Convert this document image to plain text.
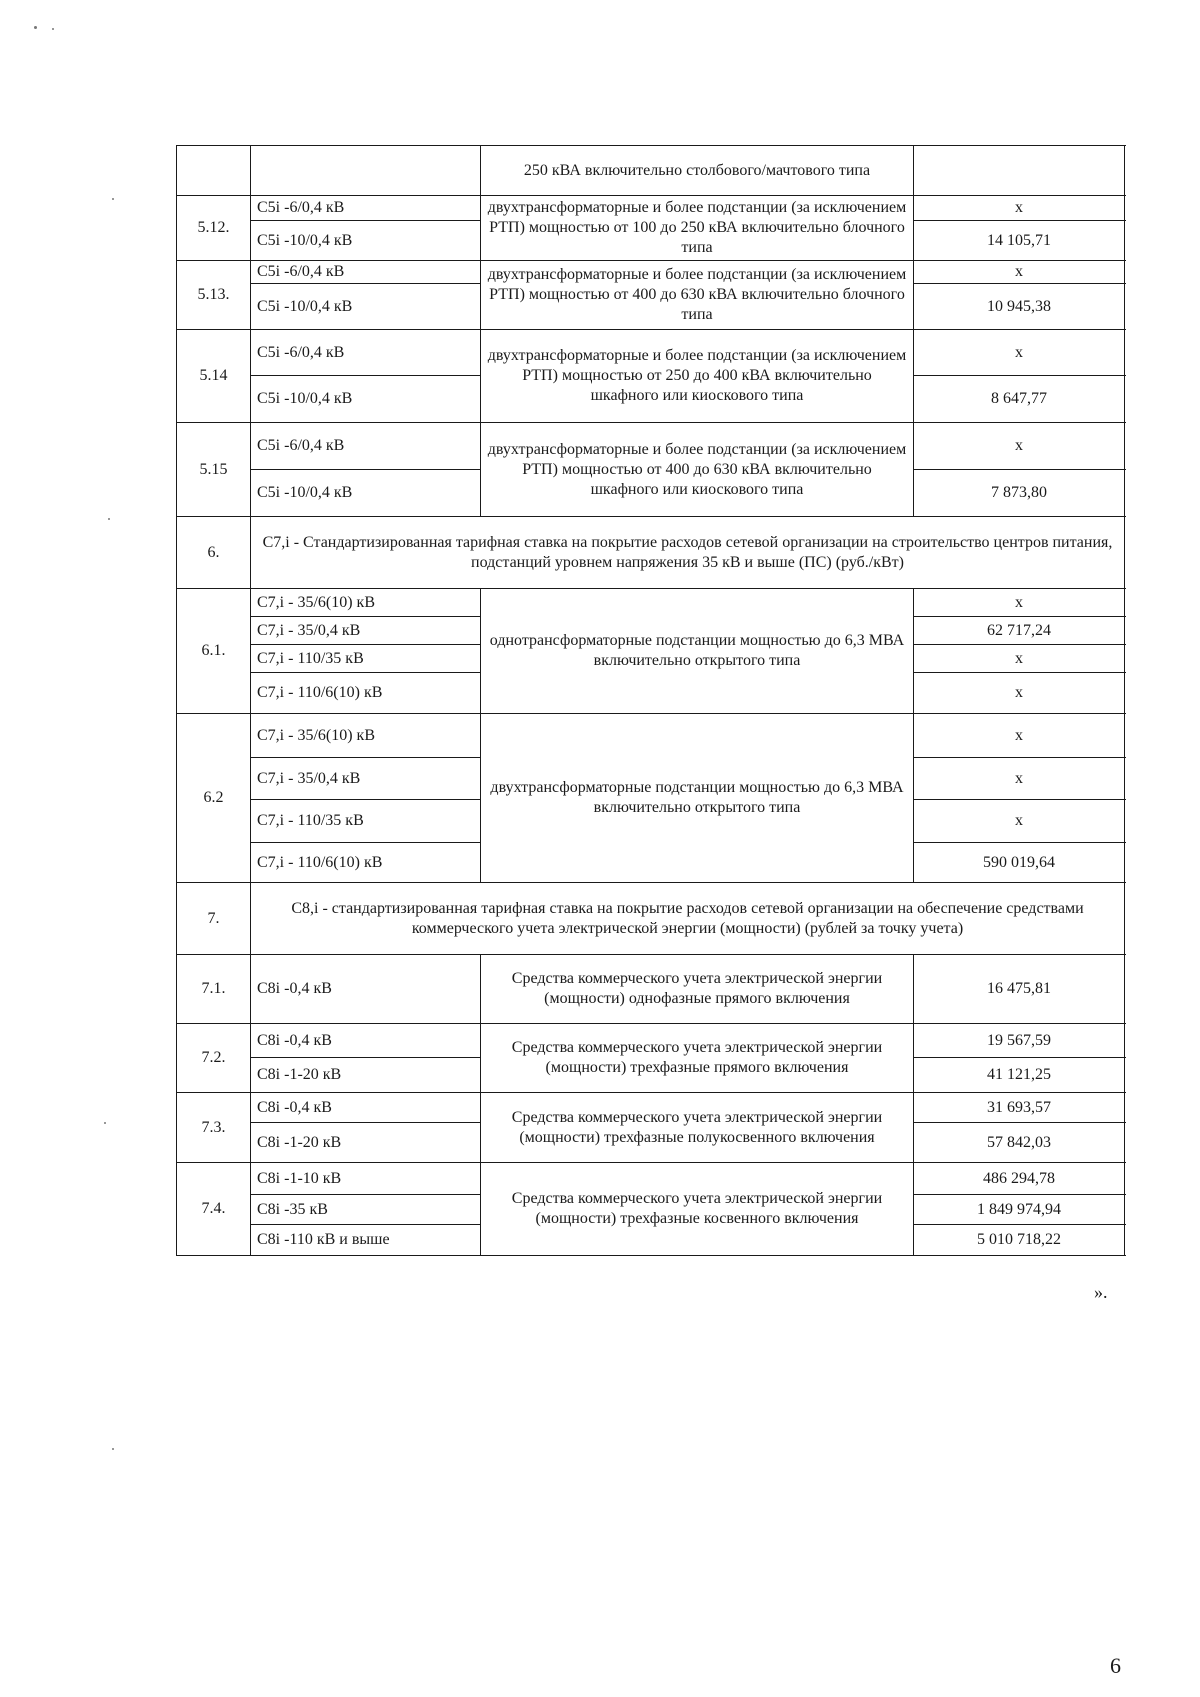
		250 кВА включительно столбового/мачтового типа	
5.12.	С5i -6/0,4 кВ	двухтрансформаторные и более подстанции (за исключением РТП) мощностью от 100 до 250 кВА включительно блочного типа	х
	С5i -10/0,4 кВ		14 105,71
5.13.	С5i -6/0,4 кВ	двухтрансформаторные и более подстанции (за исключением РТП) мощностью от 400 до 630 кВА включительно блочного типа	х
	С5i -10/0,4 кВ		10 945,38
5.14	С5i -6/0,4 кВ	двухтрансформаторные и более подстанции (за исключением РТП) мощностью от 250 до 400 кВА включительно шкафного или киоскового типа	х
	С5i -10/0,4 кВ		8 647,77
5.15	С5i -6/0,4 кВ	двухтрансформаторные и более подстанции (за исключением РТП) мощностью от 400 до 630 кВА включительно шкафного или киоскового типа	х
	С5i -10/0,4 кВ		7 873,80
6.	С7,i - Стандартизированная тарифная ставка на покрытие расходов сетевой организации на строительство центров питания, подстанций уровнем напряжения 35 кВ и выше (ПС) (руб./кВт)		
6.1.	С7,i - 35/6(10) кВ	однотрансформаторные подстанции мощностью до 6,3 МВА включительно открытого типа	х
	С7,i - 35/0,4 кВ		62 717,24
	С7,i - 110/35 кВ		х
	С7,i - 110/6(10) кВ		х
6.2	С7,i - 35/6(10) кВ	двухтрансформаторные подстанции мощностью до 6,3 МВА включительно открытого типа	х
	С7,i - 35/0,4 кВ		х
	С7,i - 110/35 кВ		х
	С7,i - 110/6(10) кВ		590 019,64
7.	С8,i - стандартизированная тарифная ставка на покрытие расходов сетевой организации на обеспечение средствами коммерческого учета электрической энергии (мощности) (рублей за точку учета)		
7.1.	С8i -0,4 кВ	Средства коммерческого учета электрической энергии (мощности) однофазные прямого включения	16 475,81
7.2.	С8i -0,4 кВ	Средства коммерческого учета электрической энергии (мощности) трехфазные прямого включения	19 567,59
	С8i -1-20 кВ		41 121,25
7.3.	С8i -0,4 кВ	Средства коммерческого учета электрической энергии (мощности) трехфазные полукосвенного включения	31 693,57
	С8i -1-20 кВ		57 842,03
7.4.	С8i -1-10 кВ	Средства коммерческого учета электрической энергии (мощности) трехфазные косвенного включения	486 294,78
	С8i -35 кВ		1 849 974,94
	С8i -110 кВ и выше		5 010 718,22
».
6
